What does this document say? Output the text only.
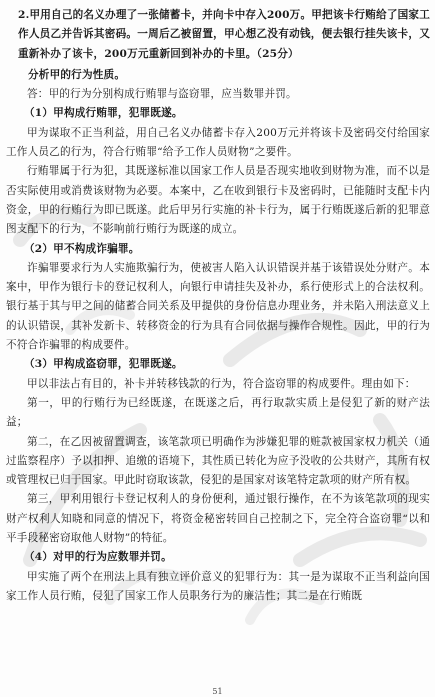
2.甲用自己的名义办理了一张储蓄卡，并向卡中存入200万。甲把该卡行贿给了国家工作人员乙并告诉其密码。一周后乙被留置，甲心想乙没有动钱，便去银行挂失该卡，又重新补办了该卡，200万元重新回到补办的卡里。（25分）

分析甲的行为性质。

答：甲的行为分别构成行贿罪与盗窃罪，应当数罪并罚。

（1）甲构成行贿罪，犯罪既遂。

甲为谋取不正当利益，用自己名义办储蓄卡存入200万元并将该卡及密码交付给国家工作人员乙的行为，符合行贿罪“给予工作人员财物”之要件。

行贿罪属于行为犯，其既遂标准以国家工作人员是否现实地收到财物为准，而不以是否实际使用或消费该财物为必要。本案中，乙在收到银行卡及密码时，已能随时支配卡内资金，甲的行贿行为即已既遂。此后甲另行实施的补卡行为，属于行贿既遂后新的犯罪意图支配下的行为，不影响前行贿行为既遂的成立。

（2）甲不构成诈骗罪。

诈骗罪要求行为人实施欺骗行为，使被害人陷入认识错误并基于该错误处分财产。本案中，甲作为银行卡的登记权利人，向银行申请挂失及补办，系行使形式上的合法权利。银行基于其与甲之间的储蓄合同关系及甲提供的身份信息办理业务，并未陷入刑法意义上的认识错误，其补发新卡、转移资金的行为具有合同依据与操作合规性。因此，甲的行为不符合诈骗罪的构成要件。

（3）甲构成盗窃罪，犯罪既遂。

甲以非法占有目的，补卡并转移钱款的行为，符合盗窃罪的构成要件。理由如下：

第一，甲的行贿行为已经既遂，在既遂之后，再行取款实质上是侵犯了新的财产法益；

第二，在乙因被留置调查，该笔款项已明确作为涉嫌犯罪的赃款被国家权力机关（通过监察程序）予以扣押、追缴的语境下，其性质已转化为应予没收的公共财产，其所有权或管理权已归于国家。甲此时窃取该款，侵犯的是国家对该笔特定款项的财产所有权。

第三，甲利用银行卡登记权利人的身份便利，通过银行操作，在不为该笔款项的现实财产权利人知晓和同意的情况下，将资金秘密转回自己控制之下，完全符合盗窃罪“以和平手段秘密窃取他人财物”的特征。

（4）对甲的行为应数罪并罚。

甲实施了两个在刑法上具有独立评价意义的犯罪行为：其一是为谋取不正当利益向国家工作人员行贿，侵犯了国家工作人员职务行为的廉洁性；其二是在行贿既

51
